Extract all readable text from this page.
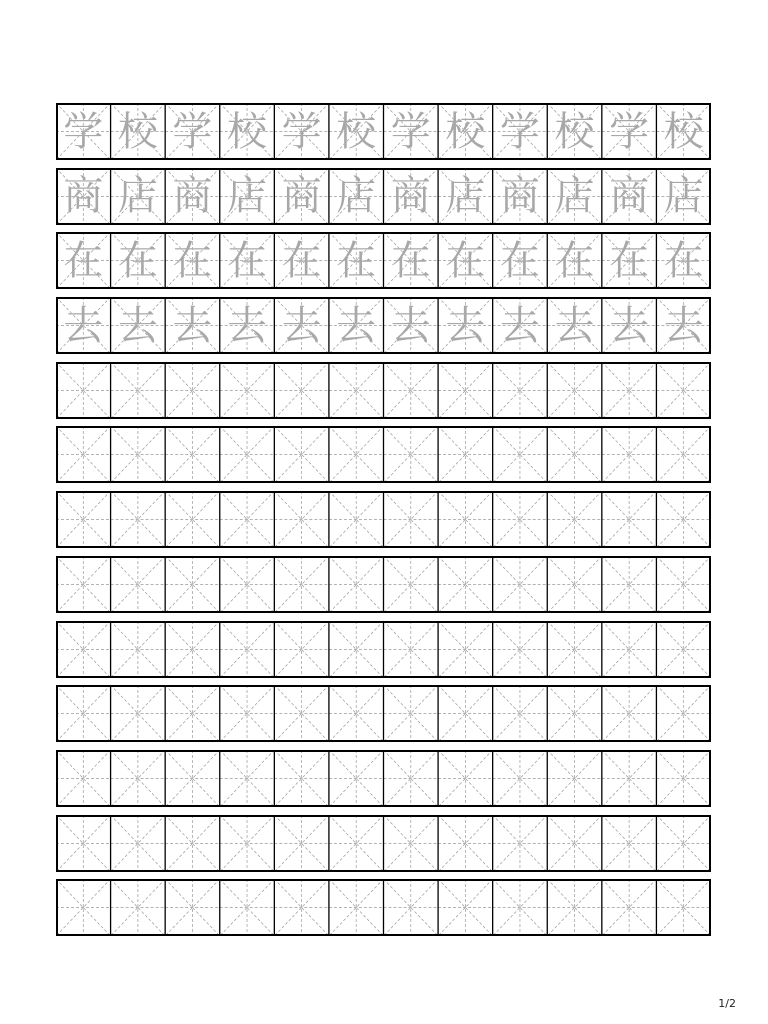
学 校 学 校 学 校 学 校 学 校 学 校
商 店 商 店 商 店 商 店 商 店 商 店
在 在 在 在 在 在 在 在 在 在 在 在
去 去 去 去 去 去 去 去 去 去 去 去
1/2
